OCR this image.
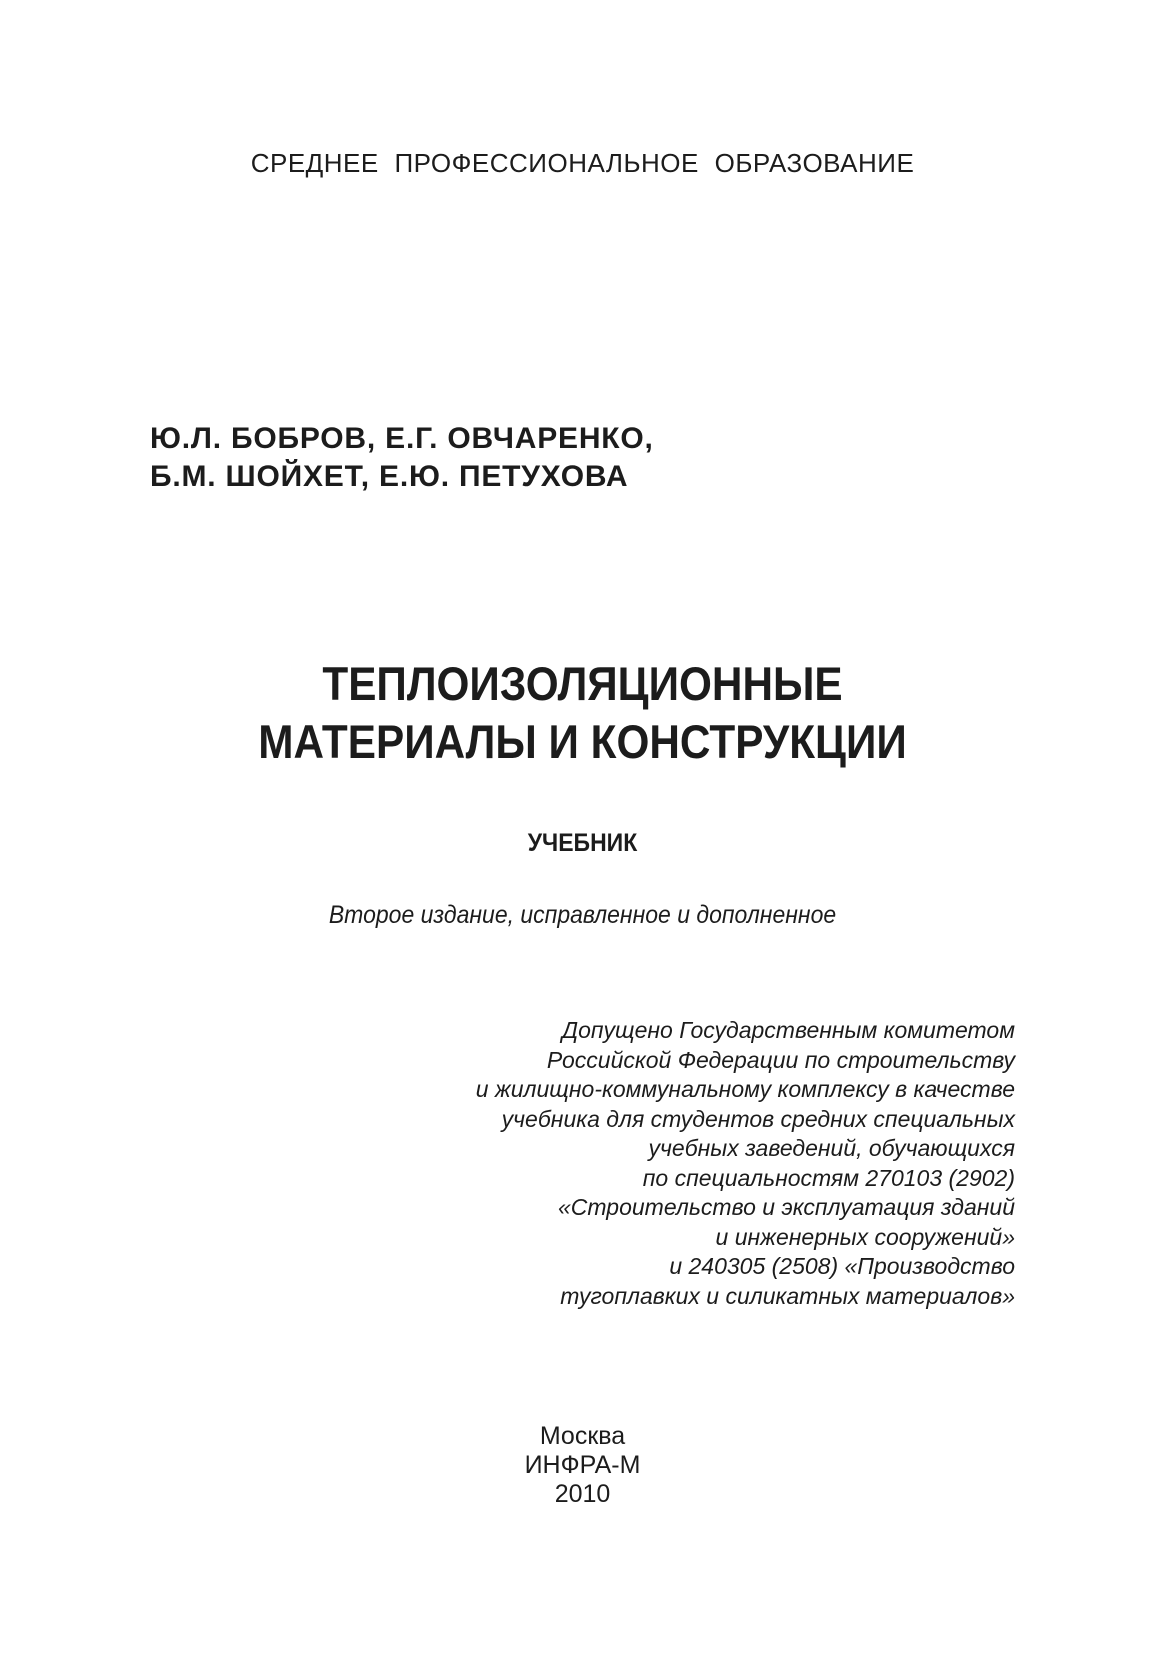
СРЕДНЕЕ ПРОФЕССИОНАЛЬНОЕ ОБРАЗОВАНИЕ
Ю.Л. БОБРОВ, Е.Г. ОВЧАРЕНКО,
Б.М. ШОЙХЕТ, Е.Ю. ПЕТУХОВА
ТЕПЛОИЗОЛЯЦИОННЫЕ
МАТЕРИАЛЫ И КОНСТРУКЦИИ
УЧЕБНИК
Второе издание, исправленное и дополненное
Допущено Государственным комитетом
Российской Федерации по строительству
и жилищно-коммунальному комплексу в качестве
учебника для студентов средних специальных
учебных заведений, обучающихся
по специальностям 270103 (2902)
«Строительство и эксплуатация зданий
и инженерных сооружений»
и 240305 (2508) «Производство
тугоплавких и силикатных материалов»
Москва
ИНФРА-М
2010
